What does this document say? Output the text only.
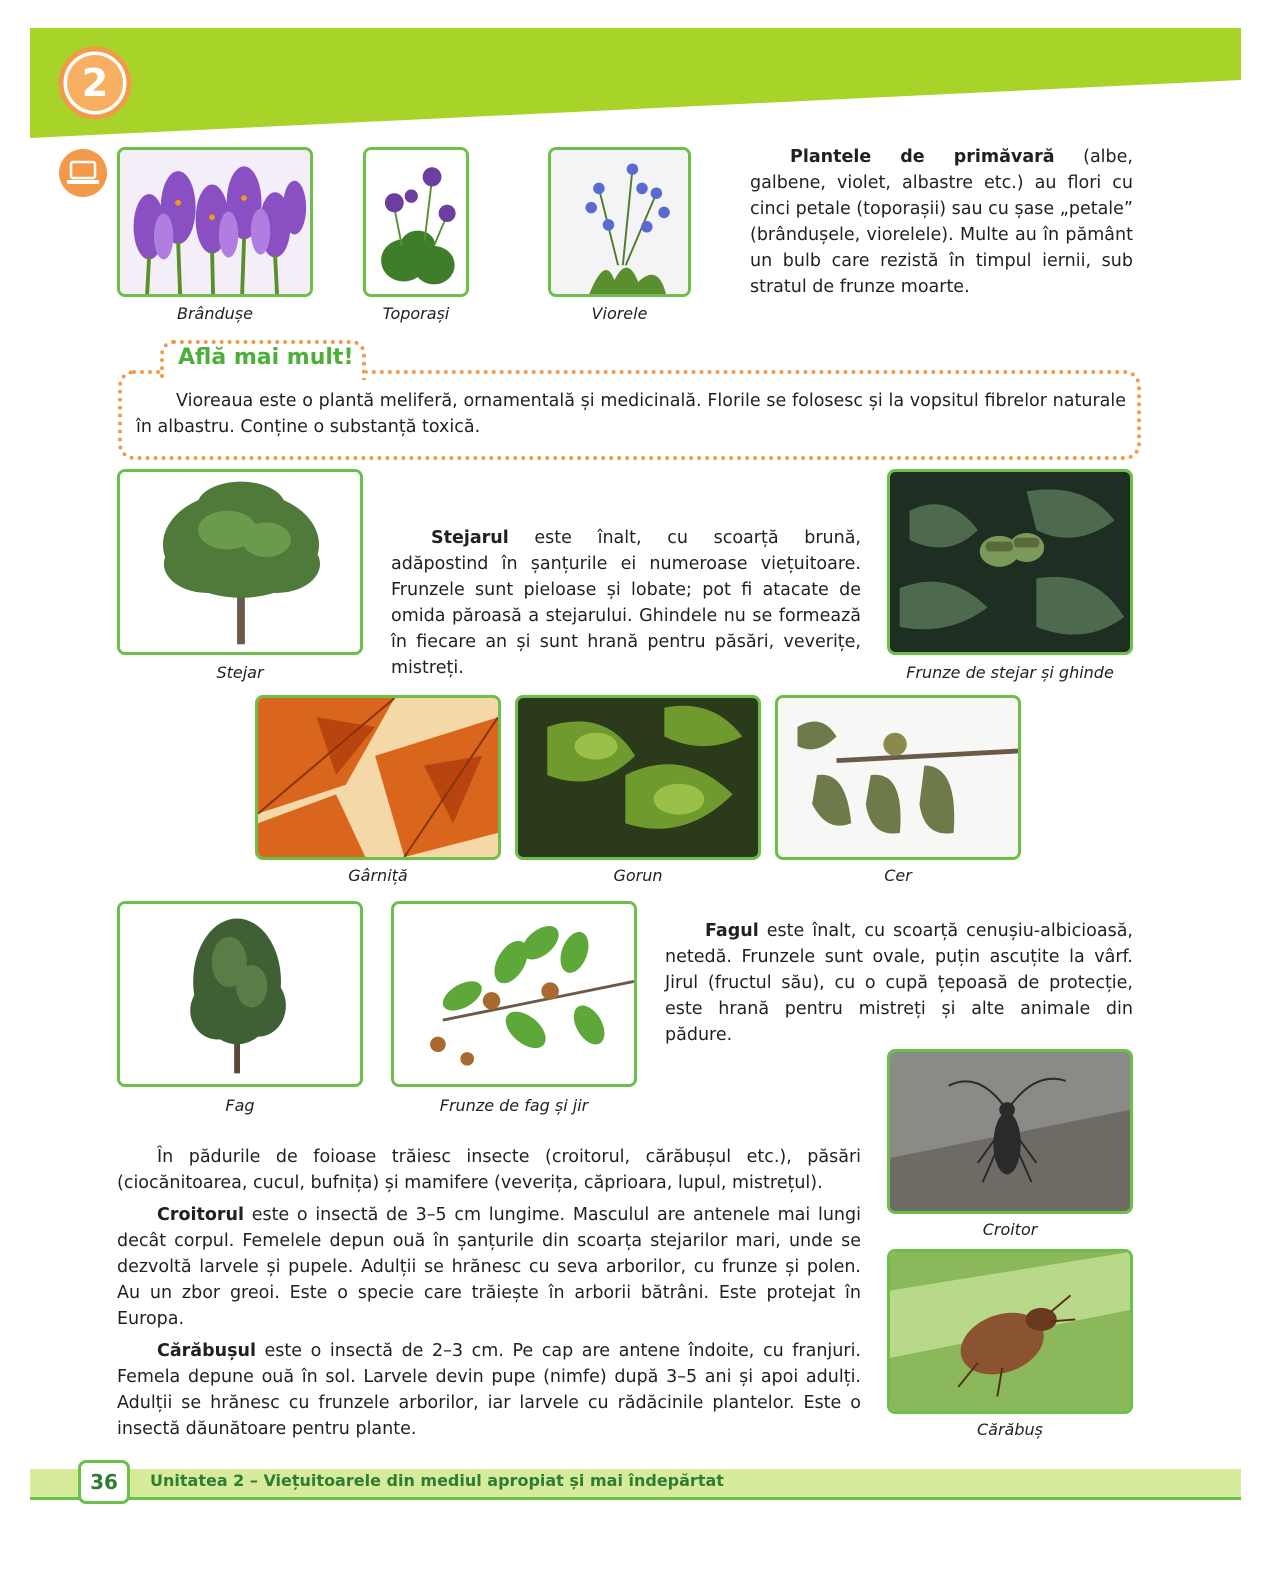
2
Brândușe	Toporași	Viorele
Plantele de primăvară (albe, galbene, violet, albastre etc.) au flori cu cinci petale (toporașii) sau cu șase „petale” (brândușele, viorelele). Multe au în pământ un bulb care rezistă în timpul iernii, sub stratul de frunze moarte.
Află mai mult!
Vioreaua este o plantă meliferă, ornamentală și medicinală. Florile se folosesc și la vopsitul fibrelor naturale în albastru. Conține o substanță toxică.
Stejar
Stejarul este înalt, cu scoarță brună, adăpostind în șanțurile ei numeroase viețuitoare. Frunzele sunt pieloase și lobate; pot fi atacate de omida păroasă a stejarului. Ghindele nu se formează în fiecare an și sunt hrană pentru păsări, veverițe, mistreți.	Frunze de stejar și ghinde
Gârniță	Gorun	Cer
Fag	Frunze de fag și jir
Fagul este înalt, cu scoarță cenușiu-albicioasă, netedă. Frunzele sunt ovale, puțin ascuțite la vârf. Jirul (fructul său), cu o cupă țepoasă de protecție, este hrană pentru mistreți și alte animale din pădure.
Croitor
Cărăbuș
În pădurile de foioase trăiesc insecte (croitorul, cărăbușul etc.), păsări (ciocănitoarea, cucul, bufnița) și mamifere (veverița, căprioara, lupul, mistrețul).
Croitorul este o insectă de 3–5 cm lungime. Masculul are antenele mai lungi decât corpul. Femelele depun ouă în șanțurile din scoarța stejarilor mari, unde se dezvoltă larvele și pupele. Adulții se hrănesc cu seva arborilor, cu frunze și polen. Au un zbor greoi. Este o specie care trăiește în arborii bătrâni. Este protejat în Europa.
Cărăbușul este o insectă de 2–3 cm. Pe cap are antene îndoite, cu franjuri. Femela depune ouă în sol. Larvele devin pupe (nimfe) după 3–5 ani și apoi adulți. Adulții se hrănesc cu frunzele arborilor, iar larvele cu rădăcinile plantelor. Este o insectă dăunătoare pentru plante.
36	Unitatea 2 – Viețuitoarele din mediul apropiat și mai îndepărtat
